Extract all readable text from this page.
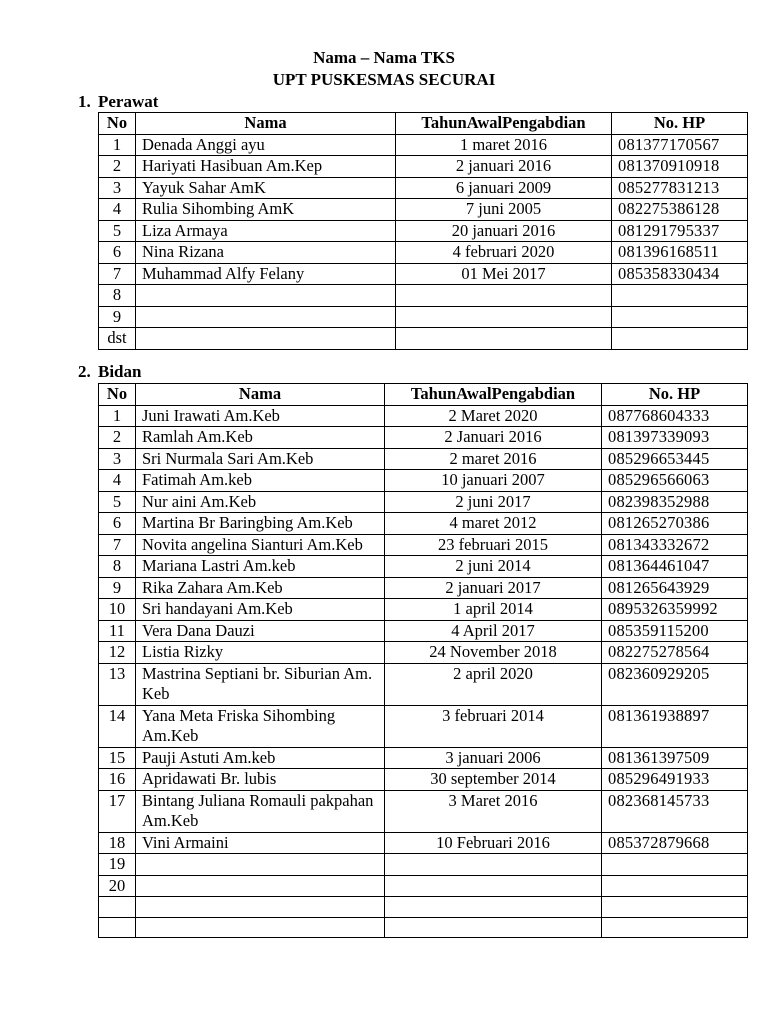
Nama – Nama TKS
UPT PUSKESMAS SECURAI
1. Perawat
No	Nama	TahunAwalPengabdian	No. HP
1	Denada Anggi ayu	1 maret 2016	081377170567
2	Hariyati Hasibuan Am.Kep	2 januari 2016	081370910918
3	Yayuk Sahar AmK	6 januari 2009	085277831213
4	Rulia Sihombing AmK	7 juni 2005	082275386128
5	Liza Armaya	20 januari 2016	081291795337
6	Nina Rizana	4 februari 2020	081396168511
7	Muhammad Alfy Felany	01 Mei 2017	085358330434
8			
9			
dst			
2. Bidan
No	Nama	TahunAwalPengabdian	No. HP
1	Juni Irawati Am.Keb	2 Maret 2020	087768604333
2	Ramlah Am.Keb	2 Januari 2016	081397339093
3	Sri Nurmala Sari Am.Keb	2 maret 2016	085296653445
4	Fatimah Am.keb	10 januari 2007	085296566063
5	Nur aini Am.Keb	2 juni 2017	082398352988
6	Martina Br Baringbing Am.Keb	4 maret 2012	081265270386
7	Novita angelina Sianturi Am.Keb	23 februari 2015	081343332672
8	Mariana Lastri Am.keb	2 juni 2014	081364461047
9	Rika Zahara Am.Keb	2 januari 2017	081265643929
10	Sri handayani Am.Keb	1 april 2014	0895326359992
11	Vera Dana Dauzi	4 April 2017	085359115200
12	Listia Rizky	24 November 2018	082275278564
13	Mastrina Septiani br. Siburian Am. Keb	2 april 2020	082360929205
14	Yana Meta Friska Sihombing Am.Keb	3 februari 2014	081361938897
15	Pauji Astuti Am.keb	3 januari 2006	081361397509
16	Apridawati Br. lubis	30 september 2014	085296491933
17	Bintang Juliana Romauli pakpahan Am.Keb	3 Maret 2016	082368145733
18	Vini Armaini	10 Februari 2016	085372879668
19			
20			
